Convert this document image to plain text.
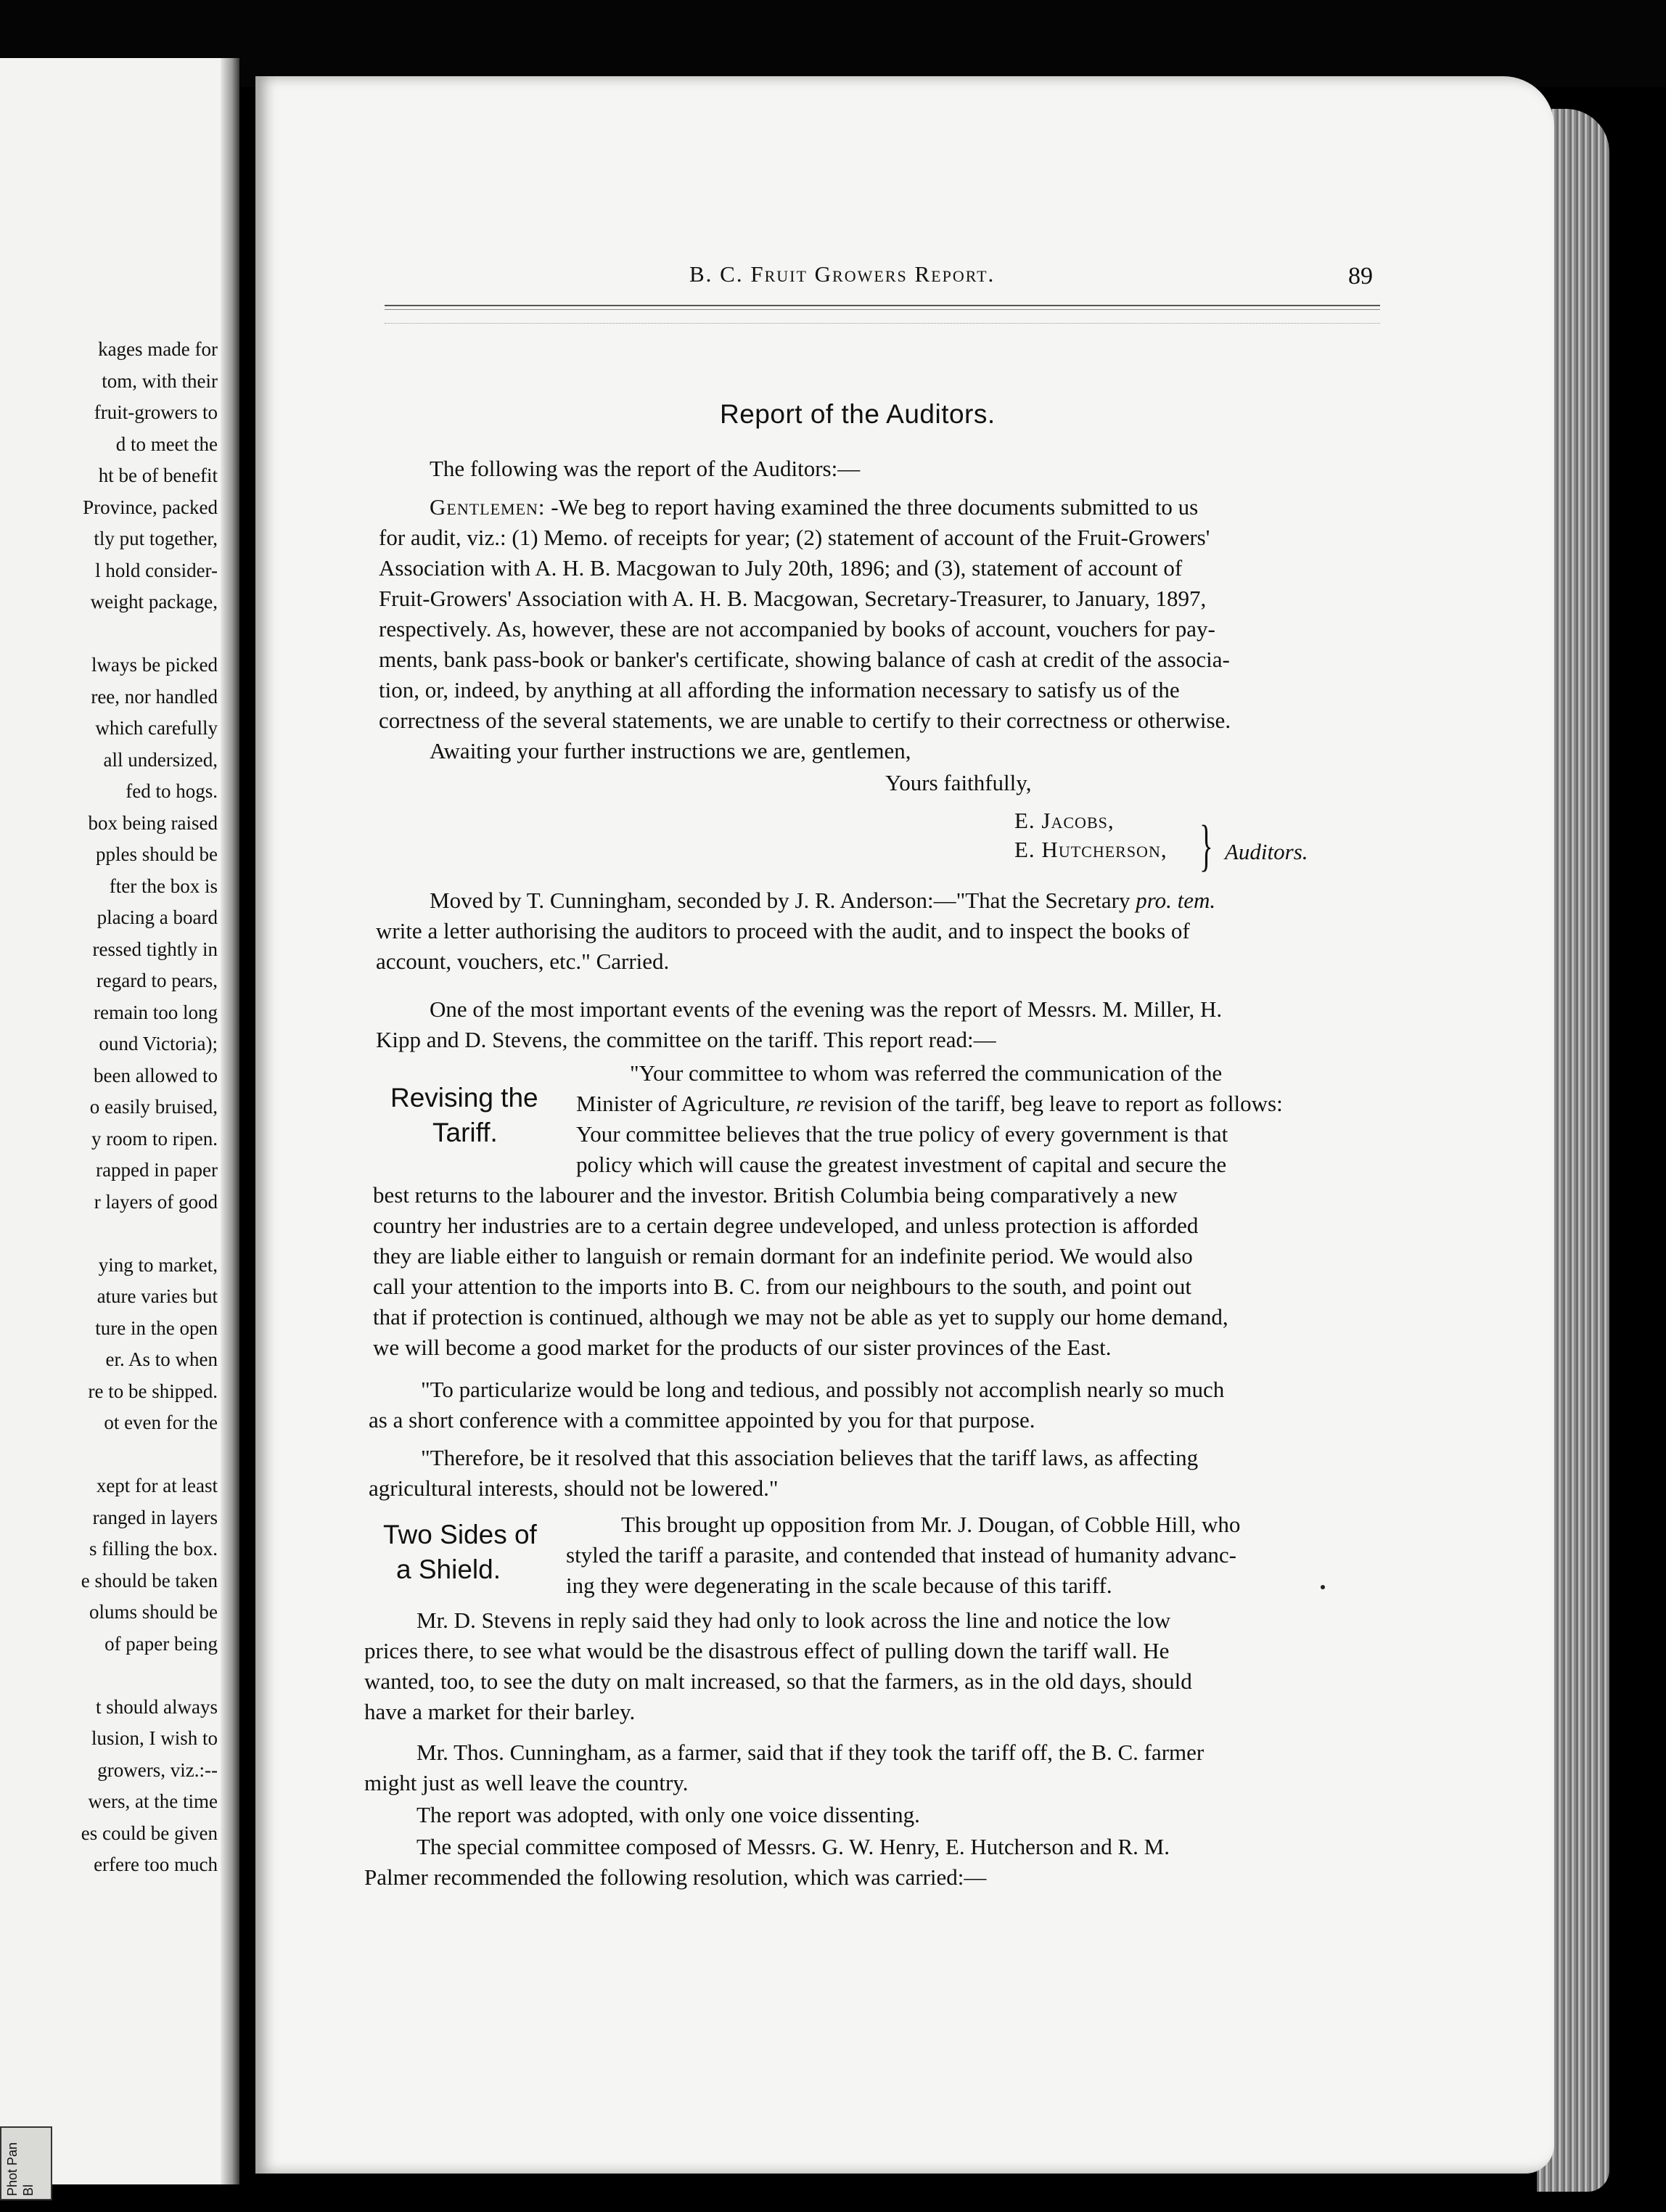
kages made for
tom, with their
fruit-growers to
d to meet the
ht be of benefit
Province, packed
tly put together,
l hold consider-
weight package,
lways be picked
ree, nor handled
which carefully
all undersized,
fed to hogs.
box being raised
pples should be
fter the box is
placing a board
ressed tightly in
regard to pears,
remain too long
ound Victoria);
been allowed to
o easily bruised,
y room to ripen.
rapped in paper
r layers of good
ying to market,
ature varies but
ture in the open
er. As to when
re to be shipped.
ot even for the
xept for at least
ranged in layers
s filling the box.
e should be taken
olums should be
of paper being
t should always
lusion, I wish to
growers, viz.:--
wers, at the time
es could be given
erfere too much
Phot Pan Bl
B. C. Fruit Growers Report.	89
Report of the Auditors.
The following was the report of the Auditors:—
Gentlemen: -We beg to report having examined the three documents submitted to us
for audit, viz.: (1) Memo. of receipts for year; (2) statement of account of the Fruit-Growers'
Association with A. H. B. Macgowan to July 20th, 1896; and (3), statement of account of
Fruit-Growers' Association with A. H. B. Macgowan, Secretary-Treasurer, to January, 1897,
respectively. As, however, these are not accompanied by books of account, vouchers for pay-
ments, bank pass-book or banker's certificate, showing balance of cash at credit of the associa-
tion, or, indeed, by anything at all affording the information necessary to satisfy us of the
correctness of the several statements, we are unable to certify to their correctness or otherwise.
Awaiting your further instructions we are, gentlemen,
Yours faithfully,
E. Jacobs,
E. Hutcherson, } Auditors.
Moved by T. Cunningham, seconded by J. R. Anderson:—"That the Secretary pro. tem.
write a letter authorising the auditors to proceed with the audit, and to inspect the books of
account, vouchers, etc." Carried.
One of the most important events of the evening was the report of Messrs. M. Miller, H.
Kipp and D. Stevens, the committee on the tariff. This report read:—
Revising the
Tariff.
"Your committee to whom was referred the communication of the
Minister of Agriculture, re revision of the tariff, beg leave to report as follows:
Your committee believes that the true policy of every government is that
policy which will cause the greatest investment of capital and secure the
best returns to the labourer and the investor. British Columbia being comparatively a new
country her industries are to a certain degree undeveloped, and unless protection is afforded
they are liable either to languish or remain dormant for an indefinite period. We would also
call your attention to the imports into B. C. from our neighbours to the south, and point out
that if protection is continued, although we may not be able as yet to supply our home demand,
we will become a good market for the products of our sister provinces of the East.
"To particularize would be long and tedious, and possibly not accomplish nearly so much
as a short conference with a committee appointed by you for that purpose.
"Therefore, be it resolved that this association believes that the tariff laws, as affecting
agricultural interests, should not be lowered."
Two Sides of
a Shield.
This brought up opposition from Mr. J. Dougan, of Cobble Hill, who
styled the tariff a parasite, and contended that instead of humanity advanc-
ing they were degenerating in the scale because of this tariff.
Mr. D. Stevens in reply said they had only to look across the line and notice the low
prices there, to see what would be the disastrous effect of pulling down the tariff wall. He
wanted, too, to see the duty on malt increased, so that the farmers, as in the old days, should
have a market for their barley.
Mr. Thos. Cunningham, as a farmer, said that if they took the tariff off, the B. C. farmer
might just as well leave the country.
The report was adopted, with only one voice dissenting.
The special committee composed of Messrs. G. W. Henry, E. Hutcherson and R. M.
Palmer recommended the following resolution, which was carried:—
